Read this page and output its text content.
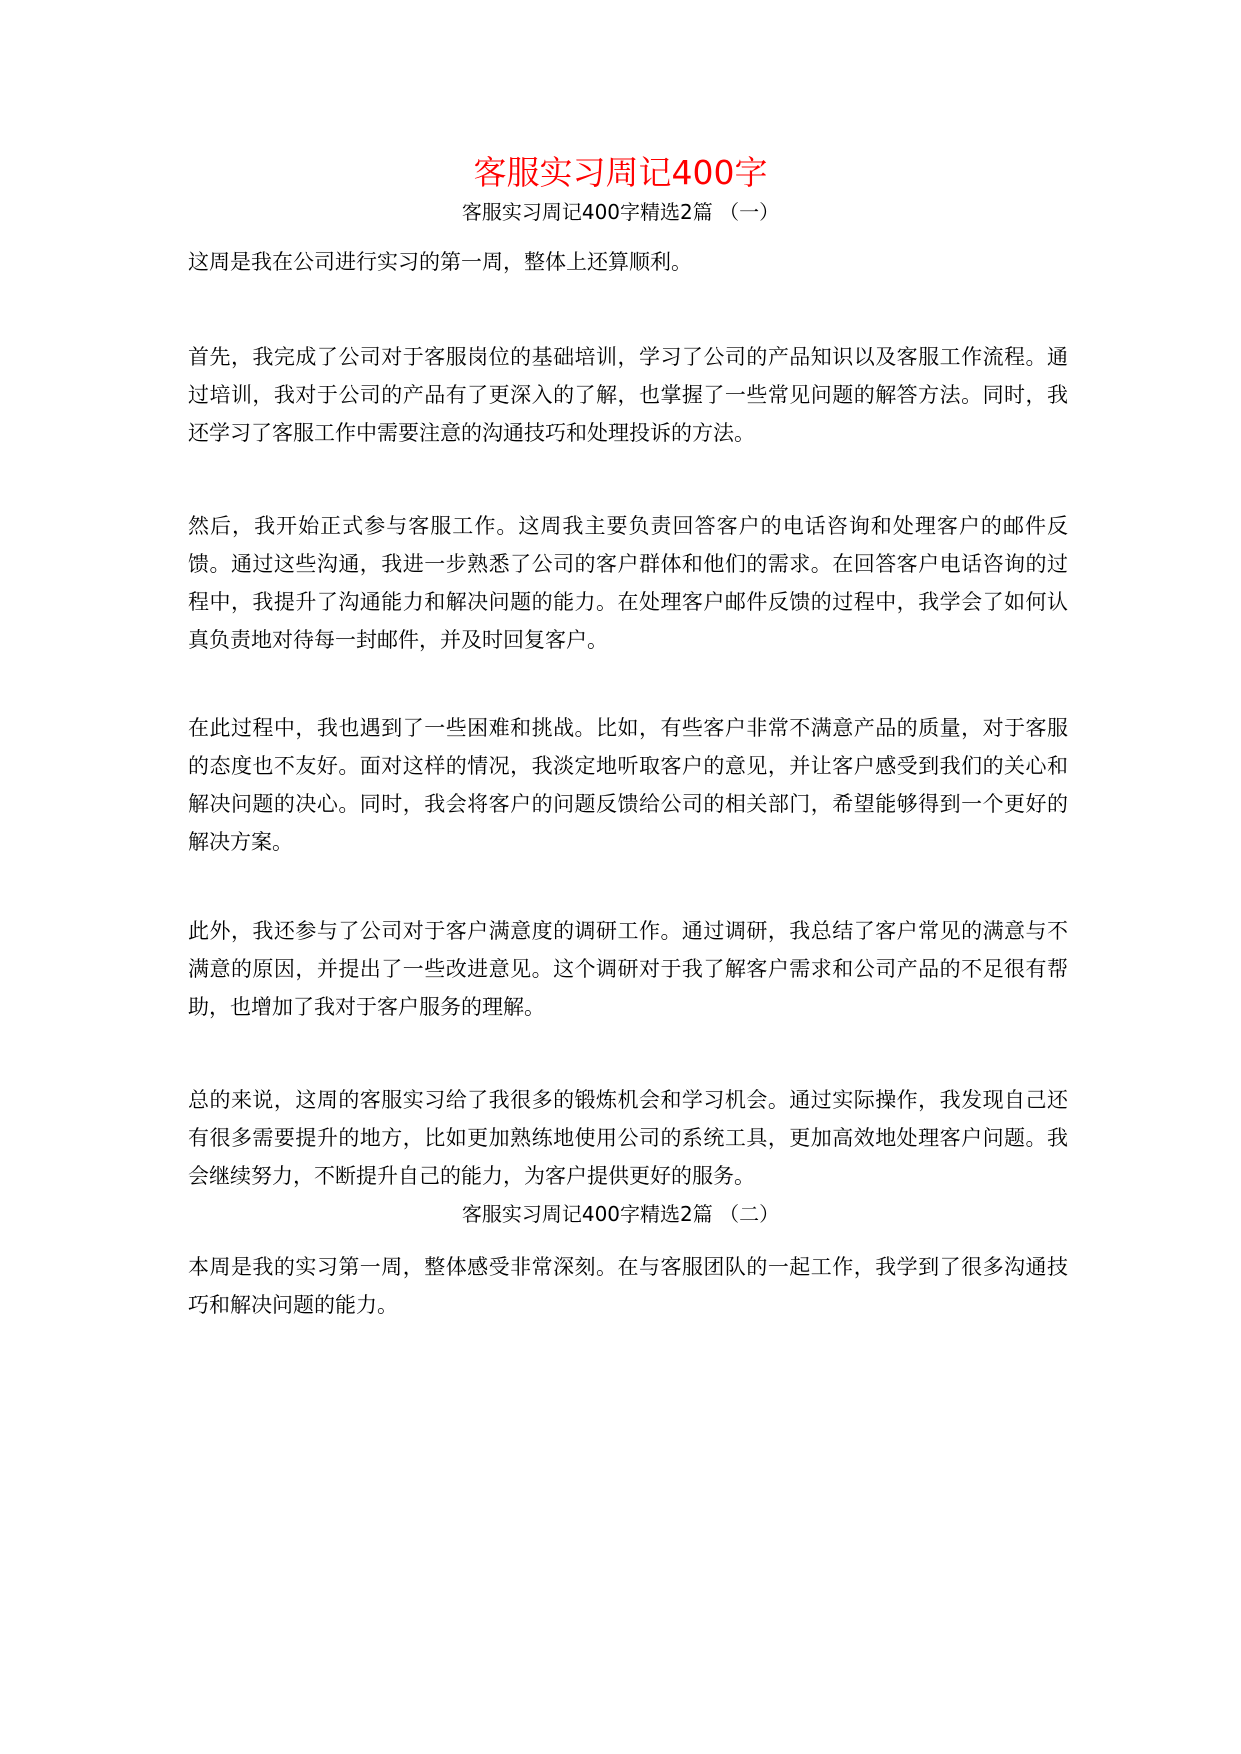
客服实习周记400字

客服实习周记400字精选2篇 （一）

这周是我在公司进行实习的第一周，整体上还算顺利。

首先，我完成了公司对于客服岗位的基础培训，学习了公司的产品知识以及客服工作流程。通过培训，我对于公司的产品有了更深入的了解，也掌握了一些常见问题的解答方法。同时，我还学习了客服工作中需要注意的沟通技巧和处理投诉的方法。

然后，我开始正式参与客服工作。这周我主要负责回答客户的电话咨询和处理客户的邮件反馈。通过这些沟通，我进一步熟悉了公司的客户群体和他们的需求。在回答客户电话咨询的过程中，我提升了沟通能力和解决问题的能力。在处理客户邮件反馈的过程中，我学会了如何认真负责地对待每一封邮件，并及时回复客户。

在此过程中，我也遇到了一些困难和挑战。比如，有些客户非常不满意产品的质量，对于客服的态度也不友好。面对这样的情况，我淡定地听取客户的意见，并让客户感受到我们的关心和解决问题的决心。同时，我会将客户的问题反馈给公司的相关部门，希望能够得到一个更好的解决方案。

此外，我还参与了公司对于客户满意度的调研工作。通过调研，我总结了客户常见的满意与不满意的原因，并提出了一些改进意见。这个调研对于我了解客户需求和公司产品的不足很有帮助，也增加了我对于客户服务的理解。

总的来说，这周的客服实习给了我很多的锻炼机会和学习机会。通过实际操作，我发现自己还有很多需要提升的地方，比如更加熟练地使用公司的系统工具，更加高效地处理客户问题。我会继续努力，不断提升自己的能力，为客户提供更好的服务。

客服实习周记400字精选2篇 （二）

本周是我的实习第一周，整体感受非常深刻。在与客服团队的一起工作，我学到了很多沟通技巧和解决问题的能力。
